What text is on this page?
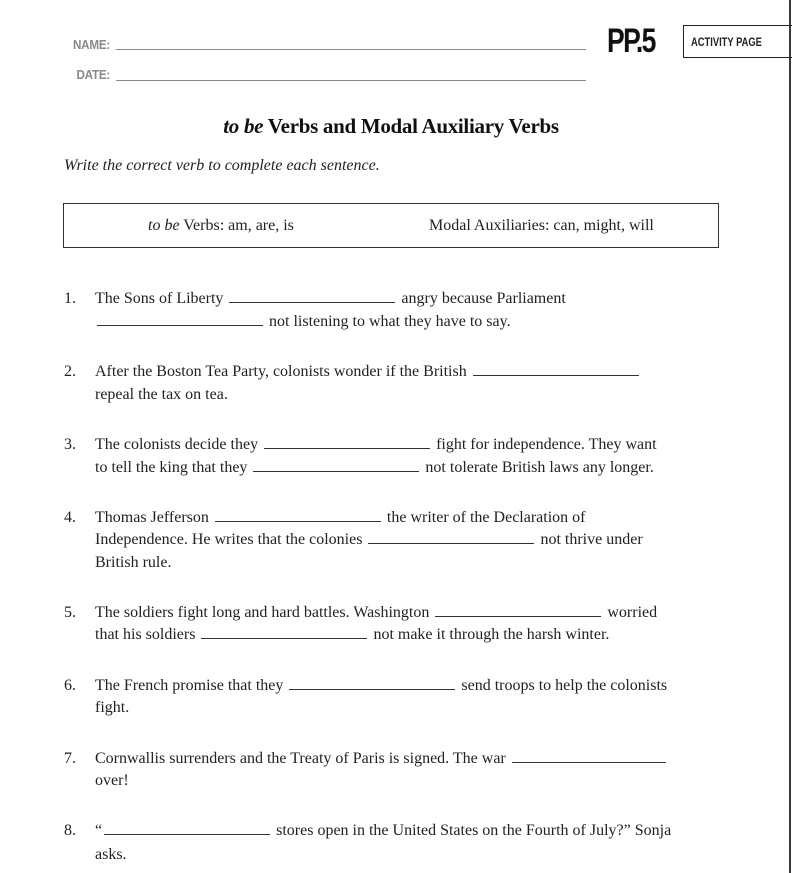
NAME:
DATE:
PP.5	ACTIVITY PAGE
to be Verbs and Modal Auxiliary Verbs
Write the correct verb to complete each sentence.
to be Verbs: am, are, is	Modal Auxiliaries: can, might, will
1. The Sons of Liberty	angry because Parliament
not listening to what they have to say.
2. After the Boston Tea Party, colonists wonder if the British
repeal the tax on tea.
3. The colonists decide they	fight for independence. They want
to tell the king that they	not tolerate British laws any longer.
4. Thomas Jefferson	the writer of the Declaration of
Independence. He writes that the colonies	not thrive under
British rule.
5. The soldiers fight long and hard battles. Washington	worried
that his soldiers	not make it through the harsh winter.
6. The French promise that they	send troops to help the colonists
fight.
7. Cornwallis surrenders and the Treaty of Paris is signed. The war
over!
8. “	stores open in the United States on the Fourth of July?” Sonja
asks.
